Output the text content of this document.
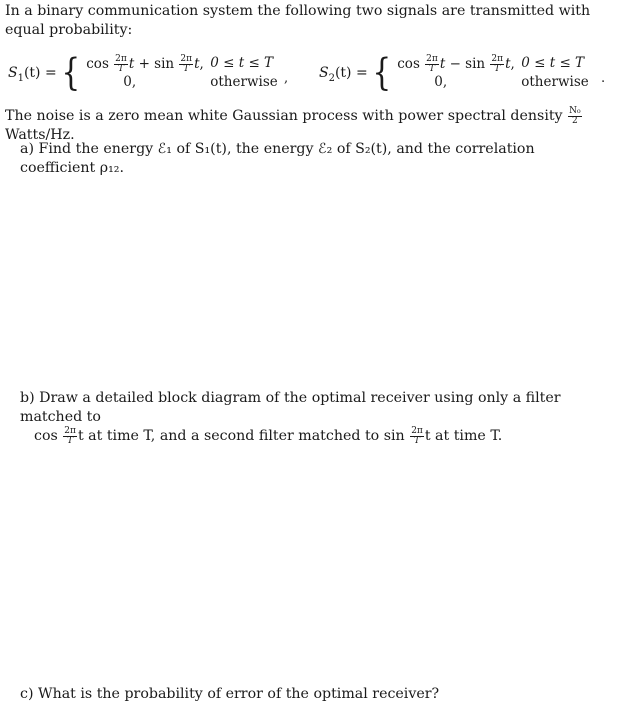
In a binary communication system the following two signals are transmitted with equal probability:
$S_1(t)$ = { $\cos \frac{2\pi}{T}$ $t + \sin \frac{2\pi}{T} t$, 0 ≤ t ≤ T
0,	otherwise , $S_2(t)$ = { $\cos \frac{2\pi}{T}$ $t - \sin \frac{2\pi}{T} t$, 0 ≤ t ≤ T
0,	otherwise .
The noise is a zero mean white Gaussian process with power spectral density $\frac{\text{N₀}}{2}$
Watts/Hz.
a) Find the energy ℰ₁ of S₁(t), the energy ℰ₂ of S₂(t), and the correlation coefficient ρ₁₂.
b) Draw a detailed block diagram of the optimal receiver using only a filter matched to
$\cos \frac{2\pi}{T}$ t at time T, and a second filter matched to $\sin \frac{2\pi}{T}$ t at time T.
c) What is the probability of error of the optimal receiver?
